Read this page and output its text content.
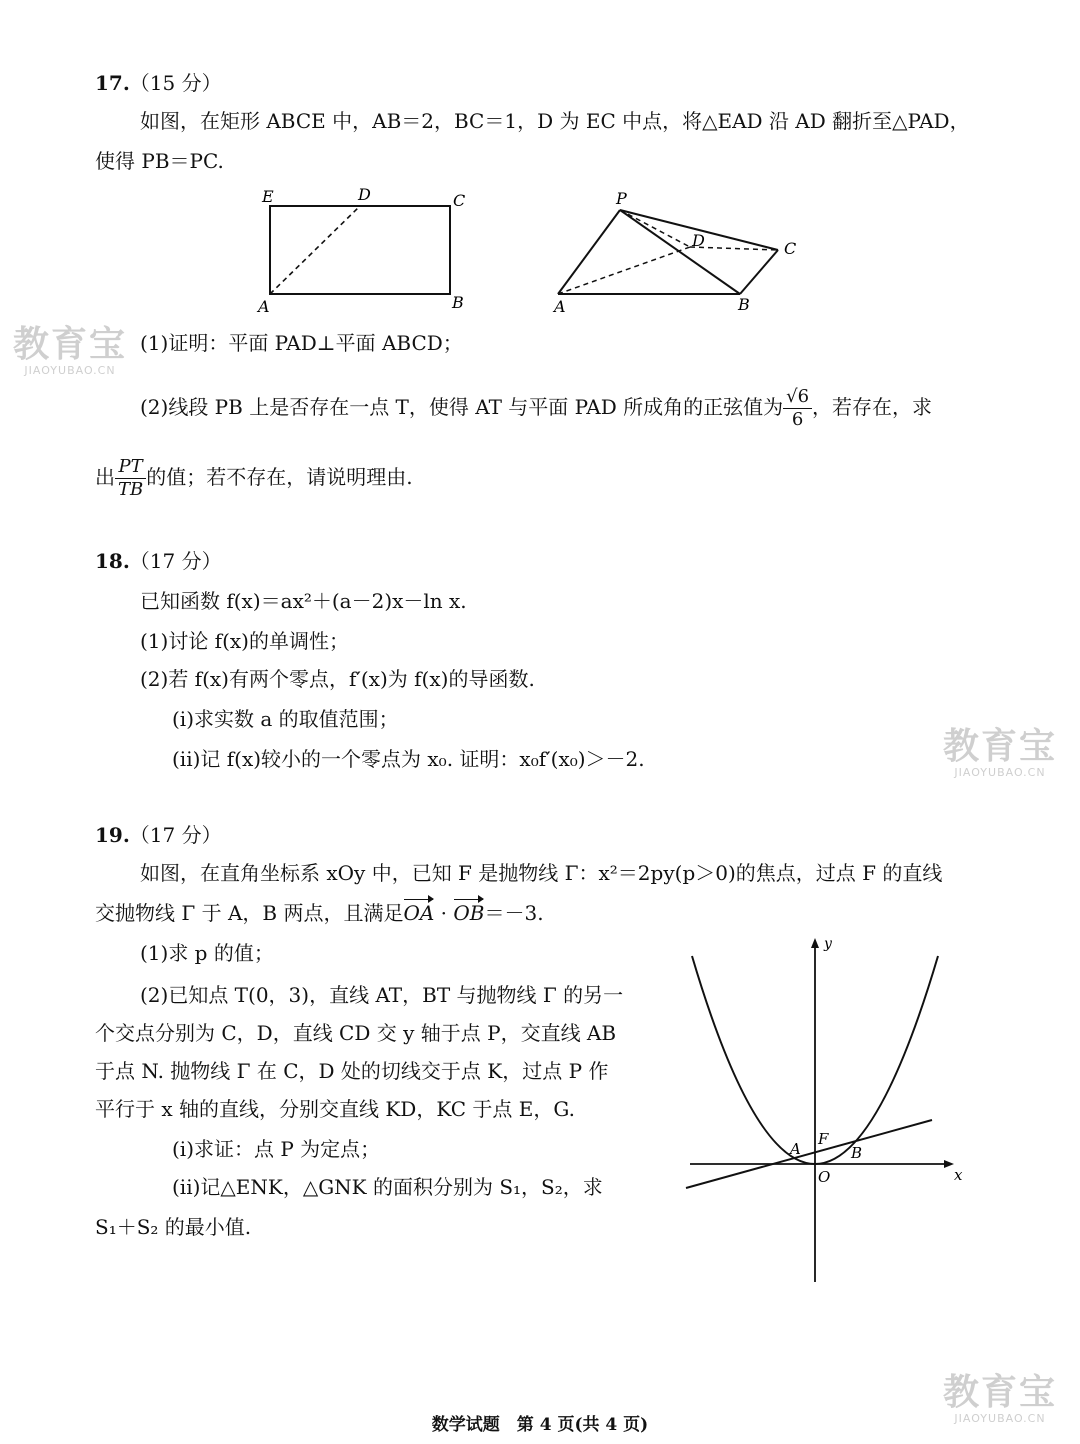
教育宝
JIAOYUBAO.CN
教育宝
JIAOYUBAO.CN
教育宝
JIAOYUBAO.CN
17.（15 分）
如图，在矩形 ABCE 中，AB＝2，BC＝1，D 为 EC 中点，将△EAD 沿 AD 翻折至△PAD，
使得 PB＝PC.
E	D	C
A	B
P
D	C
A	B
(1)证明：平面 PAD⊥平面 ABCD；
(2)线段 PB 上是否存在一点 T，使得 AT 与平面 PAD 所成角的正弦值为 $\frac{√6}{6}$ ，若存在，求
出 $\frac{PT}{TB}$ 的值；若不存在，请说明理由.
18.（17 分）
已知函数 f(x)＝ax²＋(a－2)x－ln x.
(1)讨论 f(x)的单调性；
(2)若 f(x)有两个零点，f′(x)为 f(x)的导函数.
(i)求实数 a 的取值范围；
(ii)记 f(x)较小的一个零点为 x₀. 证明：x₀f′(x₀)＞－2.
19.（17 分）
如图，在直角坐标系 xOy 中，已知 F 是抛物线 Γ：x²＝2py(p＞0)的焦点，过点 F 的直线
交抛物线 Γ 于 A，B 两点，且满足OA · OB＝－3.
(1)求 p 的值；
(2)已知点 T(0，3)，直线 AT，BT 与抛物线 Γ 的另一
个交点分别为 C，D，直线 CD 交 y 轴于点 P，交直线 AB
于点 N. 抛物线 Γ 在 C，D 处的切线交于点 K，过点 P 作
平行于 x 轴的直线，分别交直线 KD，KC 于点 E，G.
(i)求证：点 P 为定点；
(ii)记△ENK，△GNK 的面积分别为 S₁，S₂，求
S₁＋S₂ 的最小值.
y
x
A
F
B
O
数学试题　第 4 页(共 4 页)
